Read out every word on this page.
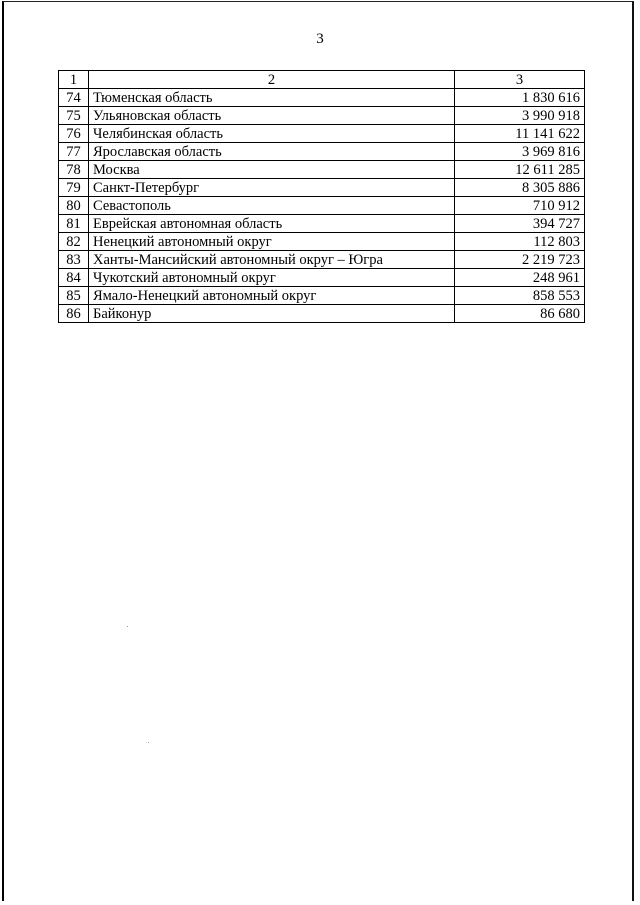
3
1	2	3
74	Тюменская область	1 830 616
75	Ульяновская область	3 990 918
76	Челябинская область	11 141 622
77	Ярославская область	3 969 816
78	Москва	12 611 285
79	Санкт-Петербург	8 305 886
80	Севастополь	710 912
81	Еврейская автономная область	394 727
82	Ненецкий автономный округ	112 803
83	Ханты-Мансийский автономный округ – Югра	2 219 723
84	Чукотский автономный округ	248 961
85	Ямало-Ненецкий автономный округ	858 553
86	Байконур	86 680
